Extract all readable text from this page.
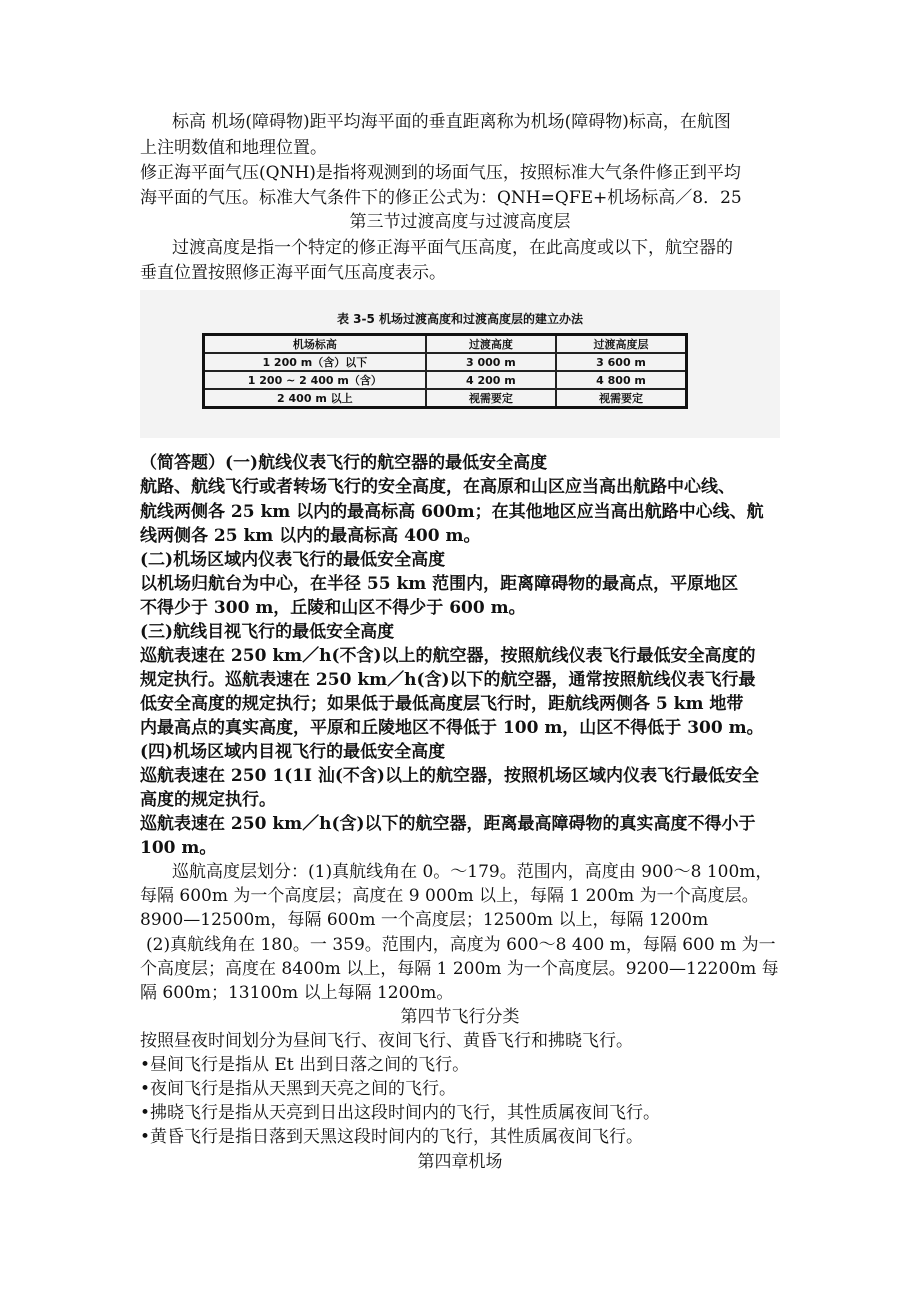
标高 机场(障碍物)距平均海平面的垂直距离称为机场(障碍物)标高，在航图
上注明数值和地理位置。
修正海平面气压(QNH)是指将观测到的场面气压，按照标准大气条件修正到平均
海平面的气压。标准大气条件下的修正公式为：QNH=QFE+机场标高／8．25
第三节过渡高度与过渡高度层
过渡高度是指一个特定的修正海平面气压高度，在此高度或以下，航空器的
垂直位置按照修正海平面气压高度表示。
表 3-5 机场过渡高度和过渡高度层的建立办法
机场标高	过渡高度	过渡高度层
1 200 m（含）以下	3 000 m	3 600 m
1 200 ~ 2 400 m（含）	4 200 m	4 800 m
2 400 m 以上	视需要定	视需要定
（简答题）(一)航线仪表飞行的航空器的最低安全高度
航路、航线飞行或者转场飞行的安全高度，在高原和山区应当高出航路中心线、
航线两侧各 25 km 以内的最高标高 600m；在其他地区应当高出航路中心线、航
线两侧各 25 km 以内的最高标高 400 m。
(二)机场区域内仪表飞行的最低安全高度
以机场归航台为中心，在半径 55 km 范围内，距离障碍物的最高点，平原地区
不得少于 300 m，丘陵和山区不得少于 600 m。
(三)航线目视飞行的最低安全高度
巡航表速在 250 km／h(不含)以上的航空器，按照航线仪表飞行最低安全高度的
规定执行。巡航表速在 250 km／h(含)以下的航空器，通常按照航线仪表飞行最
低安全高度的规定执行；如果低于最低高度层飞行时，距航线两侧各 5 km 地带
内最高点的真实高度，平原和丘陵地区不得低于 100 m，山区不得低于 300 m。
(四)机场区域内目视飞行的最低安全高度
巡航表速在 250 1(1I 汕(不含)以上的航空器，按照机场区域内仪表飞行最低安全
高度的规定执行。
巡航表速在 250 km／h(含)以下的航空器，距离最高障碍物的真实高度不得小于
100 m。
巡航高度层划分：(1)真航线角在 0。～179。范围内，高度由 900～8 100m，
每隔 600m 为一个高度层；高度在 9 000m 以上，每隔 1 200m 为一个高度层。
8900—12500m，每隔 600m 一个高度层；12500m 以上，每隔 1200m
(2)真航线角在 180。一 359。范围内，高度为 600～8 400 m，每隔 600 m 为一
个高度层；高度在 8400m 以上，每隔 1 200m 为一个高度层。9200—12200m 每
隔 600m；13100m 以上每隔 1200m。
第四节飞行分类
按照昼夜时间划分为昼间飞行、夜间飞行、黄昏飞行和拂晓飞行。
•昼间飞行是指从 Et 出到日落之间的飞行。
•夜间飞行是指从天黑到天亮之间的飞行。
•拂晓飞行是指从天亮到日出这段时间内的飞行，其性质属夜间飞行。
•黄昏飞行是指日落到天黑这段时间内的飞行，其性质属夜间飞行。
第四章机场
